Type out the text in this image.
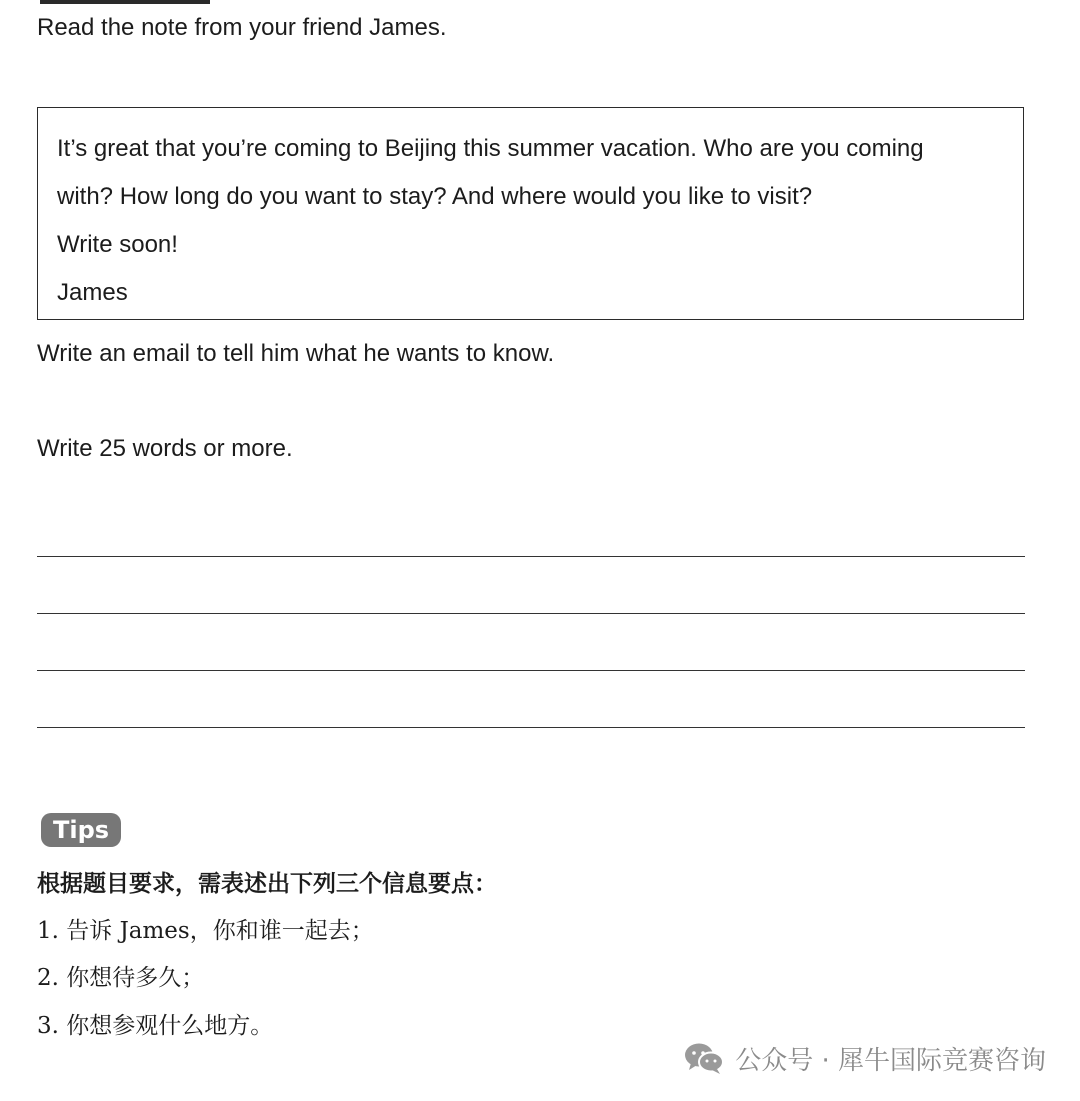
Read the note from your friend James.
It’s great that you’re coming to Beijing this summer vacation. Who are you coming
with? How long do you want to stay? And where would you like to visit?
Write soon!
James
Write an email to tell him what he wants to know.
Write 25 words or more.
Tips
根据题目要求，需表述出下列三个信息要点：
1. 告诉 James，你和谁一起去；
2. 你想待多久；
3. 你想参观什么地方。
公众号 · 犀牛国际竞赛咨询
